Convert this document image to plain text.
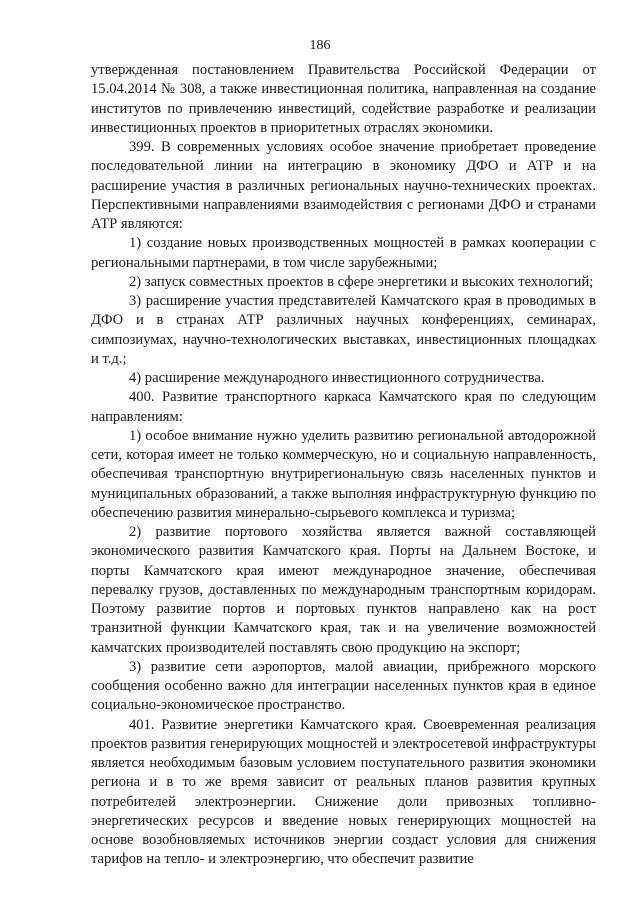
186

утвержденная постановлением Правительства Российской Федерации от 15.04.2014 № 308, а также инвестиционная политика, направленная на создание институтов по привлечению инвестиций, содействие разработке и реализации инвестиционных проектов в приоритетных отраслях экономики.

399. В современных условиях особое значение приобретает проведение последовательной линии на интеграцию в экономику ДФО и АТР и на расширение участия в различных региональных научно-технических проектах. Перспективными направлениями взаимодействия с регионами ДФО и странами АТР являются:

1) создание новых производственных мощностей в рамках кооперации с региональными партнерами, в том числе зарубежными;

2) запуск совместных проектов в сфере энергетики и высоких технологий;

3) расширение участия представителей Камчатского края в проводимых в ДФО и в странах АТР различных научных конференциях, семинарах, симпозиумах, научно-технологических выставках, инвестиционных площадках и т.д.;

4) расширение международного инвестиционного сотрудничества.

400. Развитие транспортного каркаса Камчатского края по следующим направлениям:

1) особое внимание нужно уделить развитию региональной автодорожной сети, которая имеет не только коммерческую, но и социальную направленность, обеспечивая транспортную внутрирегиональную связь населенных пунктов и муниципальных образований, а также выполняя инфраструктурную функцию по обеспечению развития минерально-сырьевого комплекса и туризма;

2) развитие портового хозяйства является важной составляющей экономического развития Камчатского края. Порты на Дальнем Востоке, и порты Камчатского края имеют международное значение, обеспечивая перевалку грузов, доставленных по международным транспортным коридорам. Поэтому развитие портов и портовых пунктов направлено как на рост транзитной функции Камчатского края, так и на увеличение возможностей камчатских производителей поставлять свою продукцию на экспорт;

3) развитие сети аэропортов, малой авиации, прибрежного морского сообщения особенно важно для интеграции населенных пунктов края в единое социально-экономическое пространство.

401. Развитие энергетики Камчатского края. Своевременная реализация проектов развития генерирующих мощностей и электросетевой инфраструктуры является необходимым базовым условием поступательного развития экономики региона и в то же время зависит от реальных планов развития крупных потребителей электроэнергии. Снижение доли привозных топливно-энергетических ресурсов и введение новых генерирующих мощностей на основе возобновляемых источников энергии создаст условия для снижения тарифов на тепло- и электроэнергию, что обеспечит развитие
